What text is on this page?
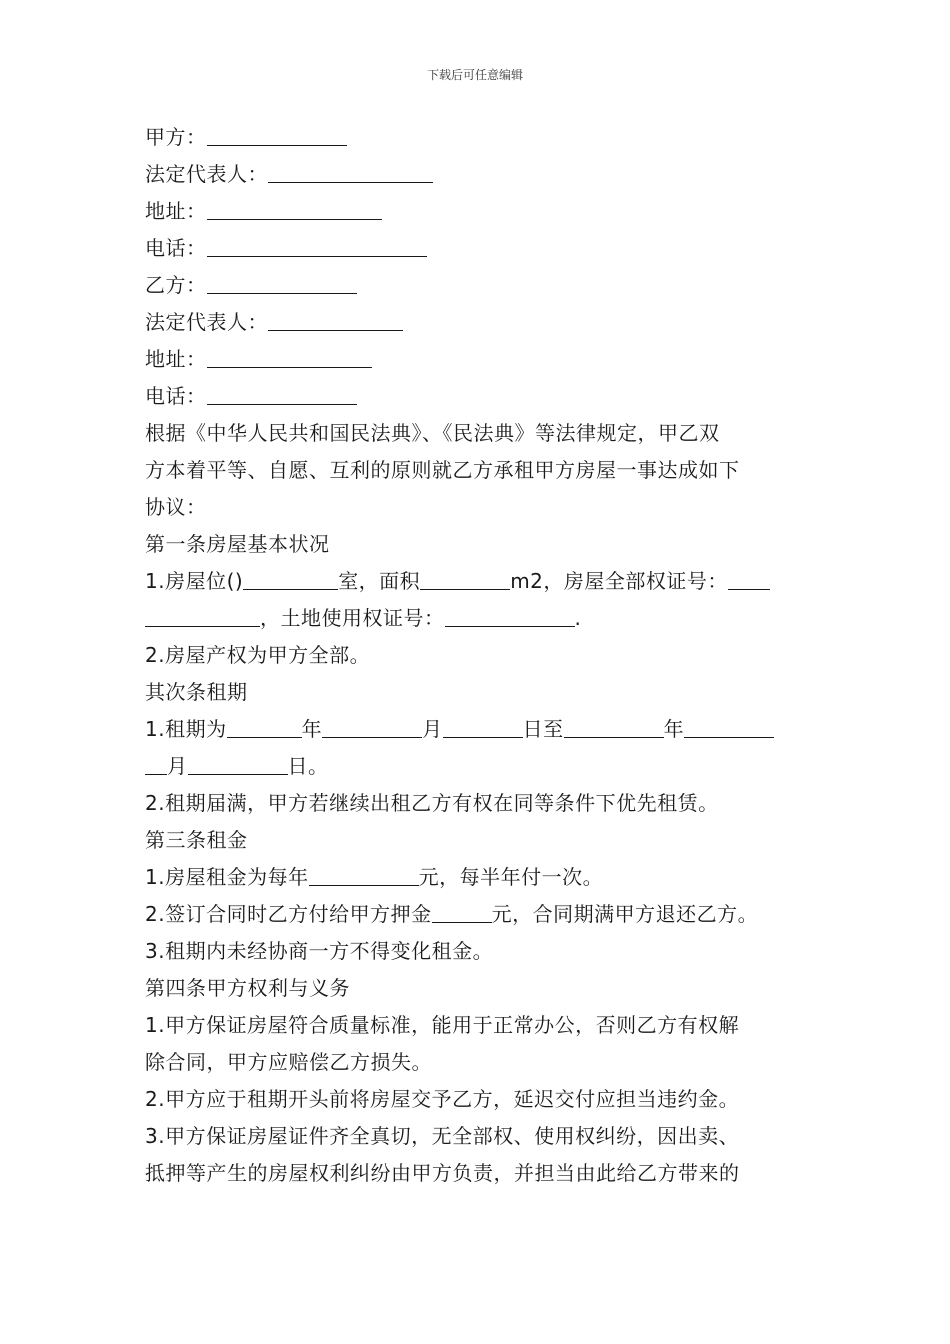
下载后可任意编辑
甲方：
法定代表人：
地址：
电话：
乙方：
法定代表人：
地址：
电话：
根据《中华人民共和国民法典》、《民法典》等法律规定，甲乙双
方本着平等、自愿、互利的原则就乙方承租甲方房屋一事达成如下
协议：
第一条房屋基本状况
1.房屋位()	室，面积	m2，房屋全部权证号：
，土地使用权证号：	.
2.房屋产权为甲方全部。
其次条租期
1.租期为	年	月	日至	年
月	日。
2.租期届满，甲方若继续出租乙方有权在同等条件下优先租赁。
第三条租金
1.房屋租金为每年	元，每半年付一次。
2.签订合同时乙方付给甲方押金	元，合同期满甲方退还乙方。
3.租期内未经协商一方不得变化租金。
第四条甲方权利与义务
1.甲方保证房屋符合质量标准，能用于正常办公，否则乙方有权解
除合同，甲方应赔偿乙方损失。
2.甲方应于租期开头前将房屋交予乙方，延迟交付应担当违约金。
3.甲方保证房屋证件齐全真切，无全部权、使用权纠纷，因出卖、
抵押等产生的房屋权利纠纷由甲方负责，并担当由此给乙方带来的
